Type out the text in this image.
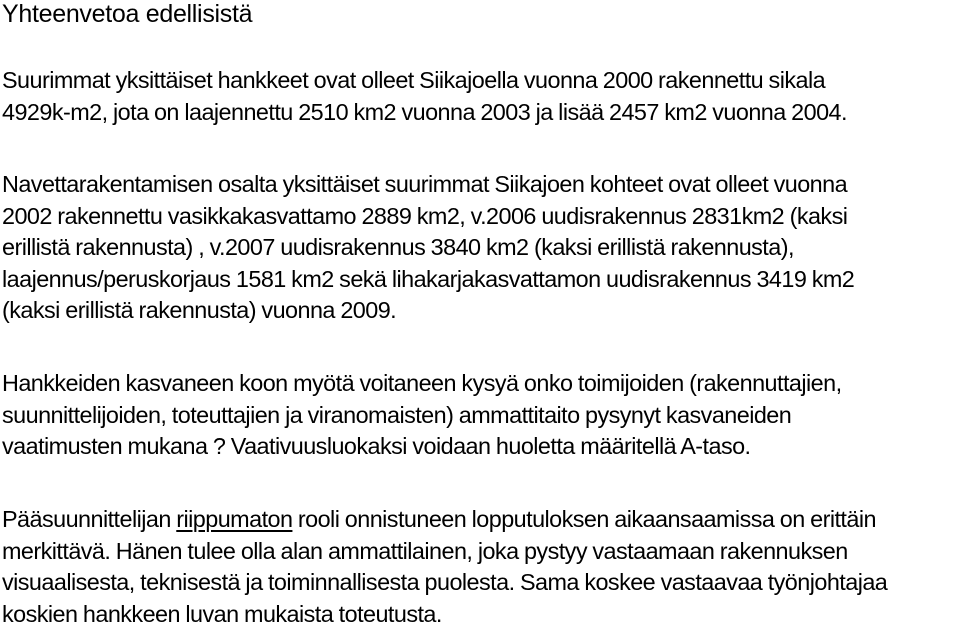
Yhteenvetoa edellisistä

Suurimmat yksittäiset hankkeet ovat olleet Siikajoella vuonna 2000 rakennettu sikala
4929k-m2, jota on laajennettu 2510 km2 vuonna 2003 ja lisää 2457 km2 vuonna 2004.

Navettarakentamisen osalta yksittäiset suurimmat Siikajoen kohteet ovat olleet vuonna
2002 rakennettu vasikkakasvattamo 2889 km2, v.2006 uudisrakennus 2831km2 (kaksi
erillistä rakennusta) , v.2007 uudisrakennus 3840 km2 (kaksi erillistä rakennusta),
laajennus/peruskorjaus 1581 km2 sekä lihakarjakasvattamon uudisrakennus 3419 km2
(kaksi erillistä rakennusta) vuonna 2009.

Hankkeiden kasvaneen koon myötä voitaneen kysyä onko toimijoiden (rakennuttajien,
suunnittelijoiden, toteuttajien ja viranomaisten) ammattitaito pysynyt kasvaneiden
vaatimusten mukana ? Vaativuusluokaksi voidaan huoletta määritellä A-taso.

Pääsuunnittelijan riippumaton rooli onnistuneen lopputuloksen aikaansaamissa on erittäin
merkittävä. Hänen tulee olla alan ammattilainen, joka pystyy vastaamaan rakennuksen
visuaalisesta, teknisestä ja toiminnallisesta puolesta. Sama koskee vastaavaa työnjohtajaa
koskien hankkeen luvan mukaista toteutusta.
